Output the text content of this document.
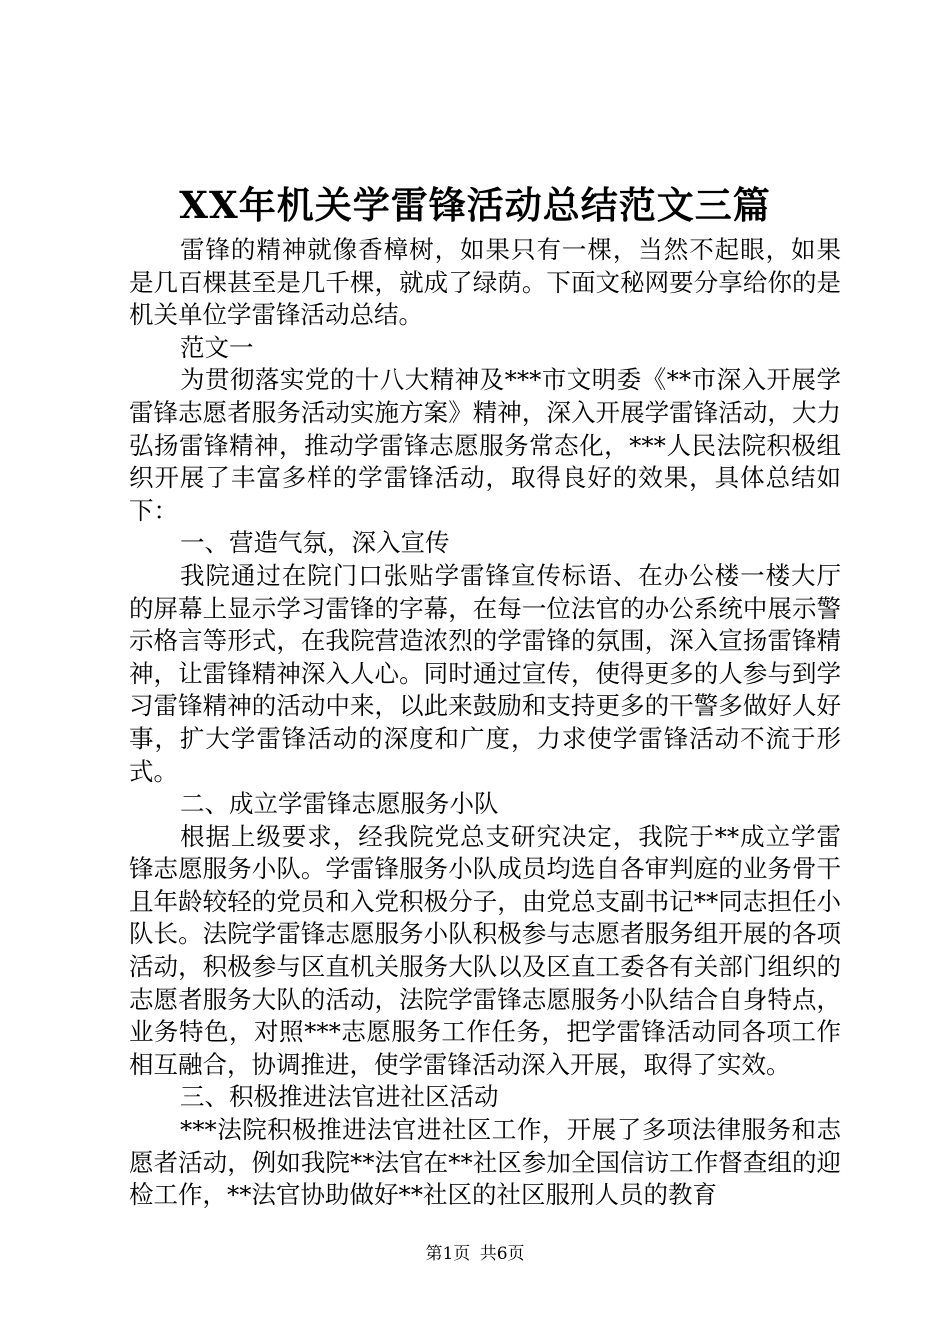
XX年机关学雷锋活动总结范文三篇

雷锋的精神就像香樟树，如果只有一棵，当然不起眼，如果是几百棵甚至是几千棵，就成了绿荫。下面文秘网要分享给你的是机关单位学雷锋活动总结。

范文一

为贯彻落实党的十八大精神及***市文明委《**市深入开展学雷锋志愿者服务活动实施方案》精神，深入开展学雷锋活动，大力弘扬雷锋精神，推动学雷锋志愿服务常态化，***人民法院积极组织开展了丰富多样的学雷锋活动，取得良好的效果，具体总结如下：

一、营造气氛，深入宣传

我院通过在院门口张贴学雷锋宣传标语、在办公楼一楼大厅的屏幕上显示学习雷锋的字幕，在每一位法官的办公系统中展示警示格言等形式，在我院营造浓烈的学雷锋的氛围，深入宣扬雷锋精神，让雷锋精神深入人心。同时通过宣传，使得更多的人参与到学习雷锋精神的活动中来，以此来鼓励和支持更多的干警多做好人好事，扩大学雷锋活动的深度和广度，力求使学雷锋活动不流于形式。

二、成立学雷锋志愿服务小队

根据上级要求，经我院党总支研究决定，我院于**成立学雷锋志愿服务小队。学雷锋服务小队成员均选自各审判庭的业务骨干且年龄较轻的党员和入党积极分子，由党总支副书记**同志担任小队长。法院学雷锋志愿服务小队积极参与志愿者服务组开展的各项活动，积极参与区直机关服务大队以及区直工委各有关部门组织的志愿者服务大队的活动，法院学雷锋志愿服务小队结合自身特点，业务特色，对照***志愿服务工作任务，把学雷锋活动同各项工作相互融合，协调推进，使学雷锋活动深入开展，取得了实效。

三、积极推进法官进社区活动

***法院积极推进法官进社区工作，开展了多项法律服务和志愿者活动，例如我院**法官在**社区参加全国信访工作督查组的迎检工作，**法官协助做好**社区的社区服刑人员的教育

第1页 共6页
